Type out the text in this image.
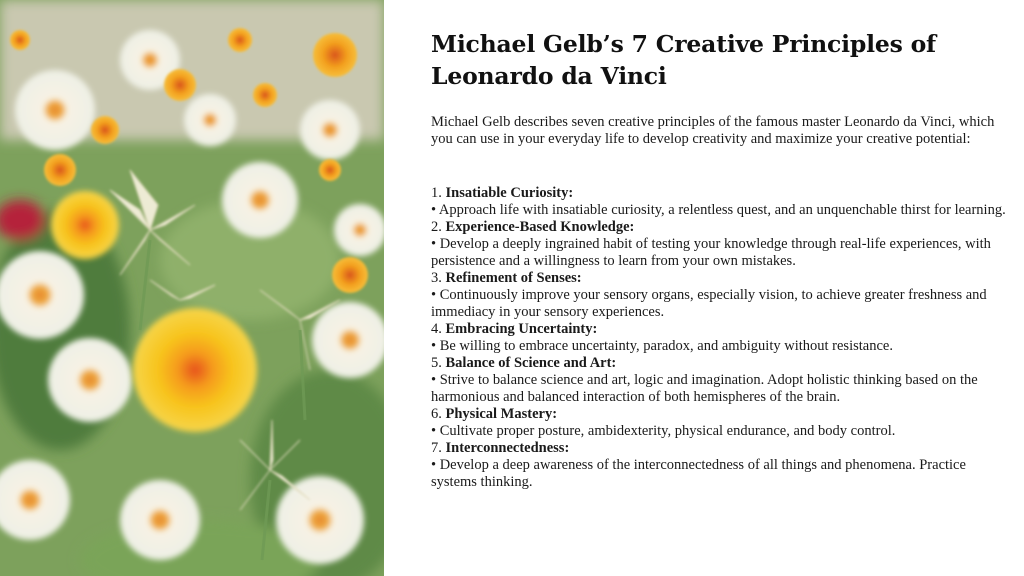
Michael Gelb’s 7 Creative Principles of Leonardo da Vinci

Michael Gelb describes seven creative principles of the famous master Leonardo da Vinci, which you can use in your everyday life to develop creativity and maximize your creative potential:

1. Insatiable Curiosity:
• Approach life with insatiable curiosity, a relentless quest, and an unquenchable thirst for learning.
2. Experience-Based Knowledge:
• Develop a deeply ingrained habit of testing your knowledge through real-life experiences, with persistence and a willingness to learn from your own mistakes.
3. Refinement of Senses:
• Continuously improve your sensory organs, especially vision, to achieve greater freshness and immediacy in your sensory experiences.
4. Embracing Uncertainty:
• Be willing to embrace uncertainty, paradox, and ambiguity without resistance.
5. Balance of Science and Art:
• Strive to balance science and art, logic and imagination. Adopt holistic thinking based on the harmonious and balanced interaction of both hemispheres of the brain.
6. Physical Mastery:
• Cultivate proper posture, ambidexterity, physical endurance, and body control.
7. Interconnectedness:
• Develop a deep awareness of the interconnectedness of all things and phenomena. Practice systems thinking.
